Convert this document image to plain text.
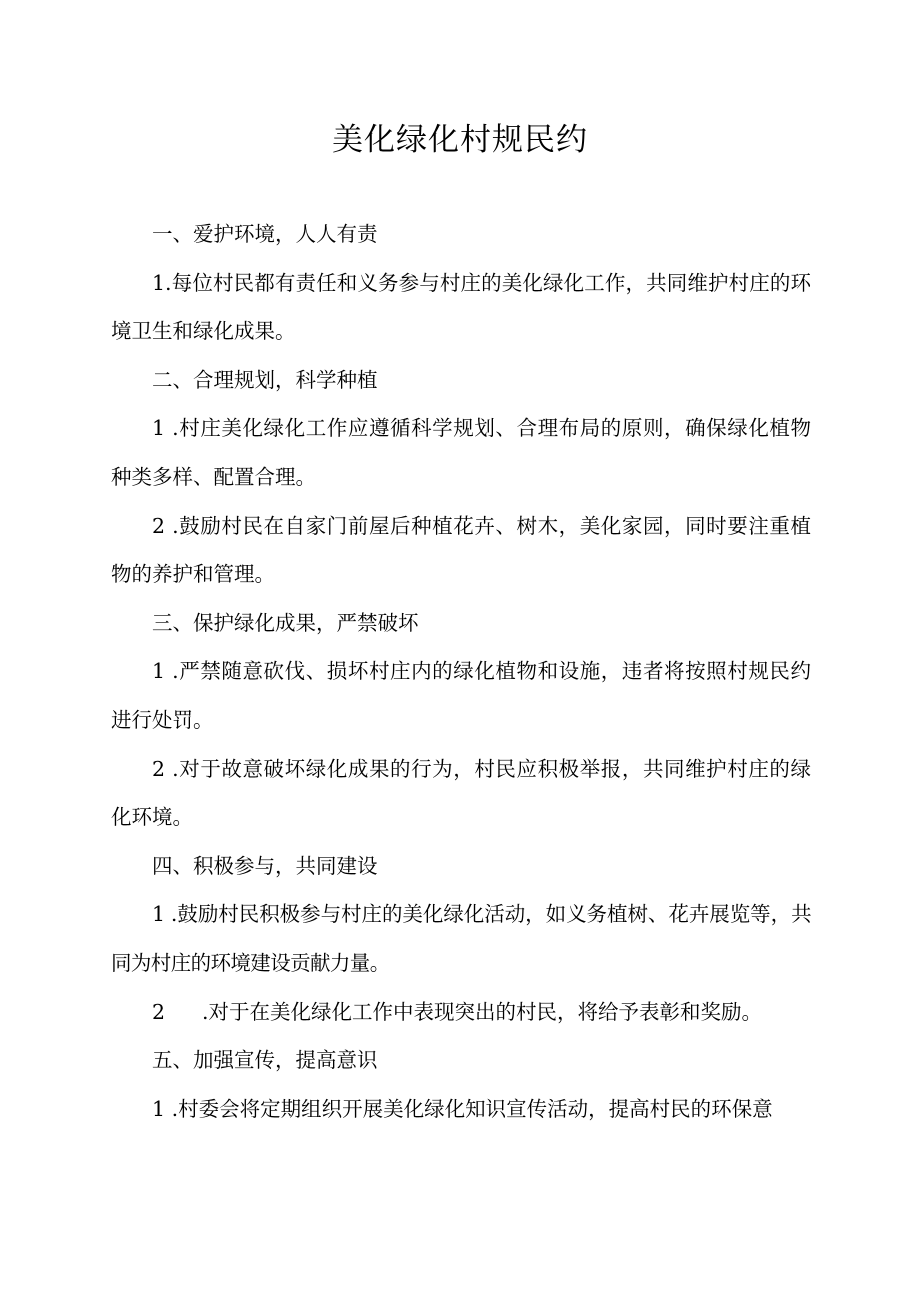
美化绿化村规民约

一、爱护环境，人人有责

1.每位村民都有责任和义务参与村庄的美化绿化工作，共同维护村庄的环境卫生和绿化成果。

二、合理规划，科学种植

1 .村庄美化绿化工作应遵循科学规划、合理布局的原则，确保绿化植物种类多样、配置合理。

2 .鼓励村民在自家门前屋后种植花卉、树木，美化家园，同时要注重植物的养护和管理。

三、保护绿化成果，严禁破坏

1 .严禁随意砍伐、损坏村庄内的绿化植物和设施，违者将按照村规民约进行处罚。

2 .对于故意破坏绿化成果的行为，村民应积极举报，共同维护村庄的绿化环境。

四、积极参与，共同建设

1 .鼓励村民积极参与村庄的美化绿化活动，如义务植树、花卉展览等，共同为村庄的环境建设贡献力量。

2 .对于在美化绿化工作中表现突出的村民，将给予表彰和奖励。

五、加强宣传，提高意识

1 .村委会将定期组织开展美化绿化知识宣传活动，提高村民的环保意
